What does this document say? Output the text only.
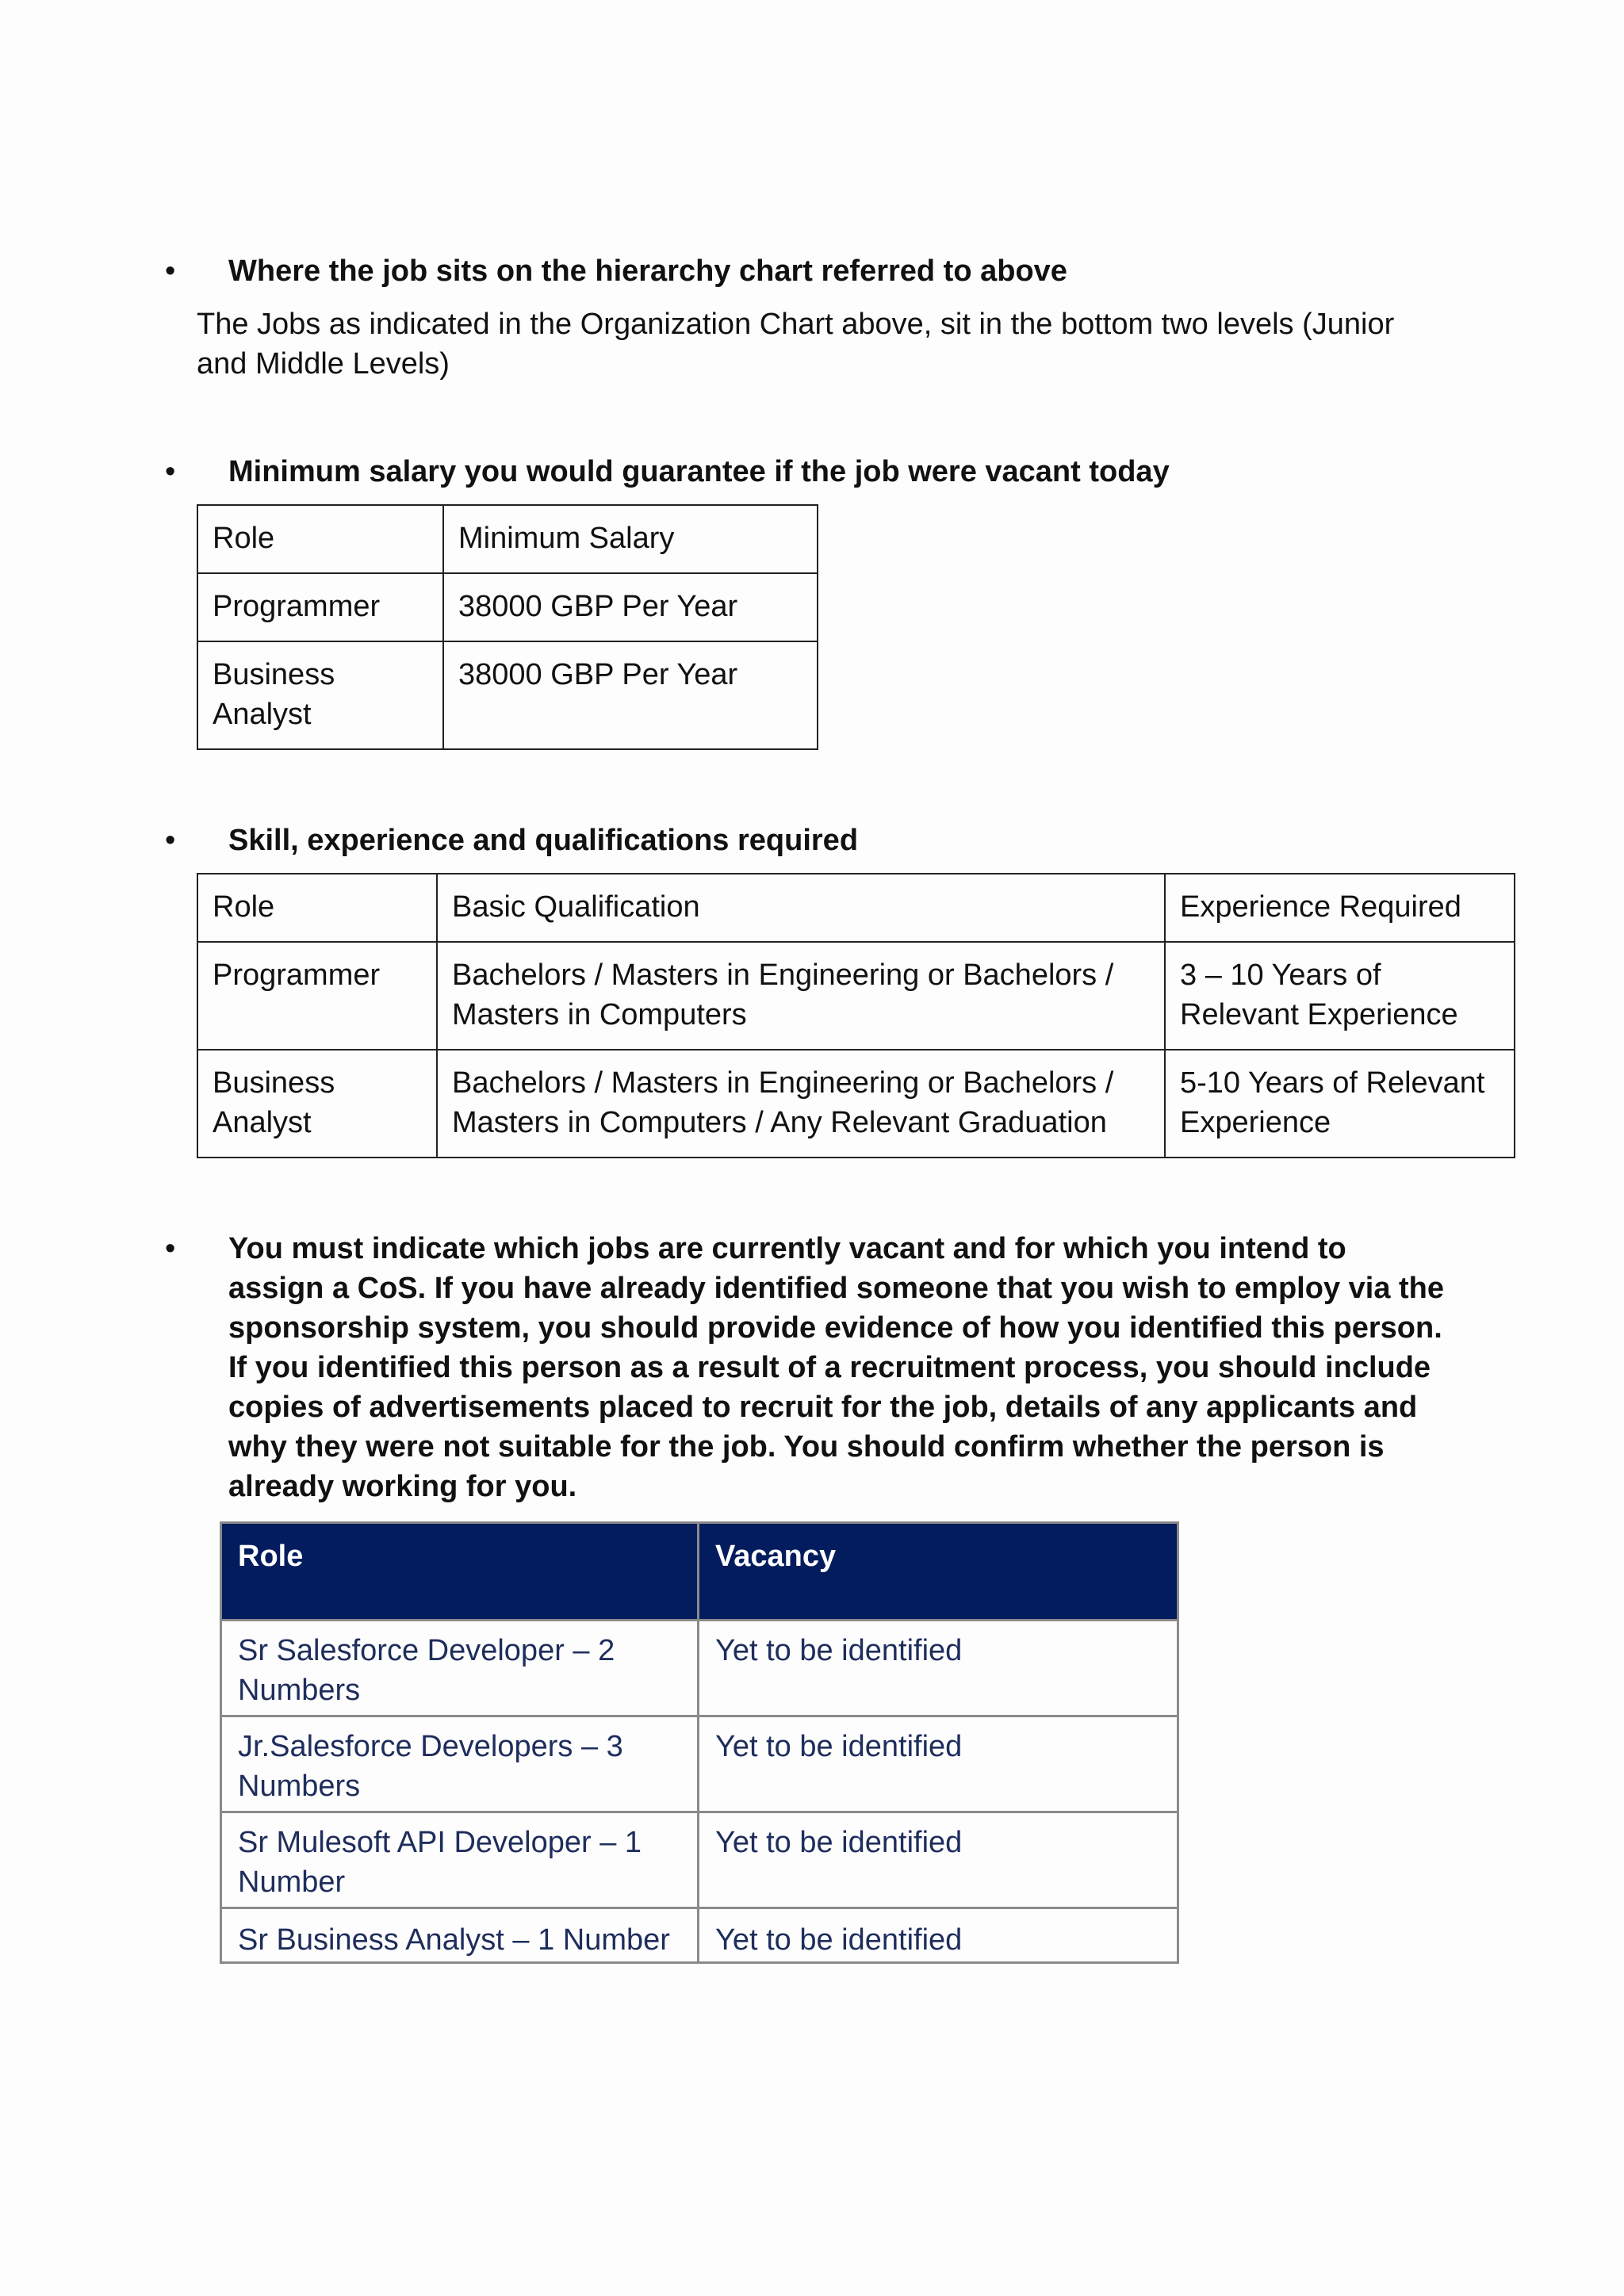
• Where the job sits on the hierarchy chart referred to above
The Jobs as indicated in the Organization Chart above, sit in the bottom two levels (Junior and Middle Levels)
• Minimum salary you would guarantee if the job were vacant today
Role	Minimum Salary
Programmer	38000 GBP Per Year
Business Analyst	38000 GBP Per Year
• Skill, experience and qualifications required
Role	Basic Qualification	Experience Required
Programmer	Bachelors / Masters in Engineering or Bachelors / Masters in Computers	3 – 10 Years of Relevant Experience
Business Analyst	Bachelors / Masters in Engineering or Bachelors / Masters in Computers / Any Relevant Graduation	5-10 Years of Relevant Experience
• You must indicate which jobs are currently vacant and for which you intend to assign a CoS. If you have already identified someone that you wish to employ via the sponsorship system, you should provide evidence of how you identified this person. If you identified this person as a result of a recruitment process, you should include copies of advertisements placed to recruit for the job, details of any applicants and why they were not suitable for the job. You should confirm whether the person is already working for you.
Role	Vacancy
Sr Salesforce Developer – 2 Numbers	Yet to be identified
Jr.Salesforce Developers – 3 Numbers	Yet to be identified
Sr Mulesoft API Developer – 1 Number	Yet to be identified
Sr Business Analyst – 1 Number	Yet to be identified
